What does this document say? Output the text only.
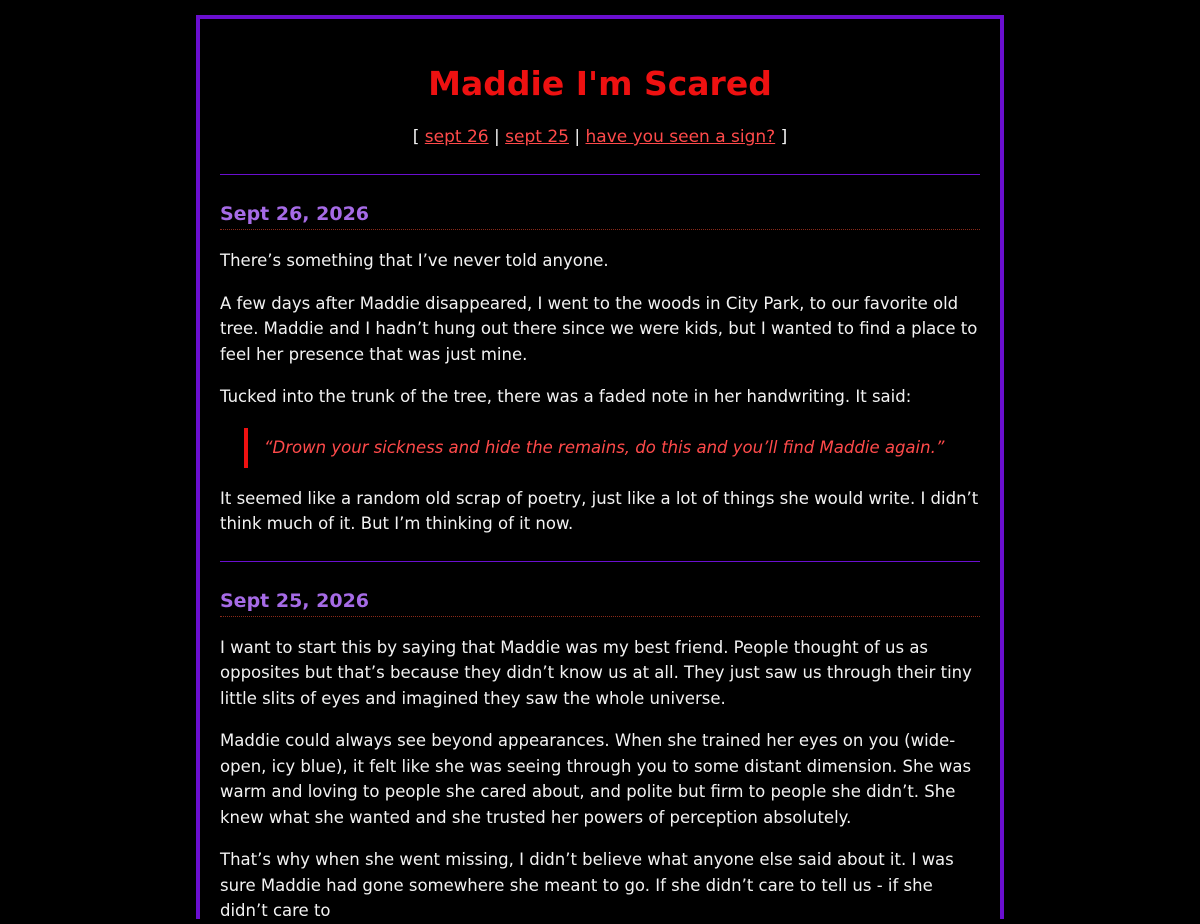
Maddie I'm Scared
[ sept 26 | sept 25 | have you seen a sign? ]
Sept 26, 2026

There’s something that I’ve never told anyone.

A few days after Maddie disappeared, I went to the woods in City Park, to our favorite old tree. Maddie and I hadn’t hung out there since we were kids, but I wanted to find a place to feel her presence that was just mine.

Tucked into the trunk of the tree, there was a faded note in her handwriting. It said:

“Drown your sickness and hide the remains, do this and you’ll find Maddie again.”

It seemed like a random old scrap of poetry, just like a lot of things she would write. I didn’t think much of it. But I’m thinking of it now.

Sept 25, 2026

I want to start this by saying that Maddie was my best friend. People thought of us as opposites but that’s because they didn’t know us at all. They just saw us through their tiny little slits of eyes and imagined they saw the whole universe.

Maddie could always see beyond appearances. When she trained her eyes on you (wide-open, icy blue), it felt like she was seeing through you to some distant dimension. She was warm and loving to people she cared about, and polite but firm to people she didn’t. She knew what she wanted and she trusted her powers of perception absolutely.

That’s why when she went missing, I didn’t believe what anyone else said about it. I was sure Maddie had gone somewhere she meant to go. If she didn’t care to tell us - if she didn’t care to
